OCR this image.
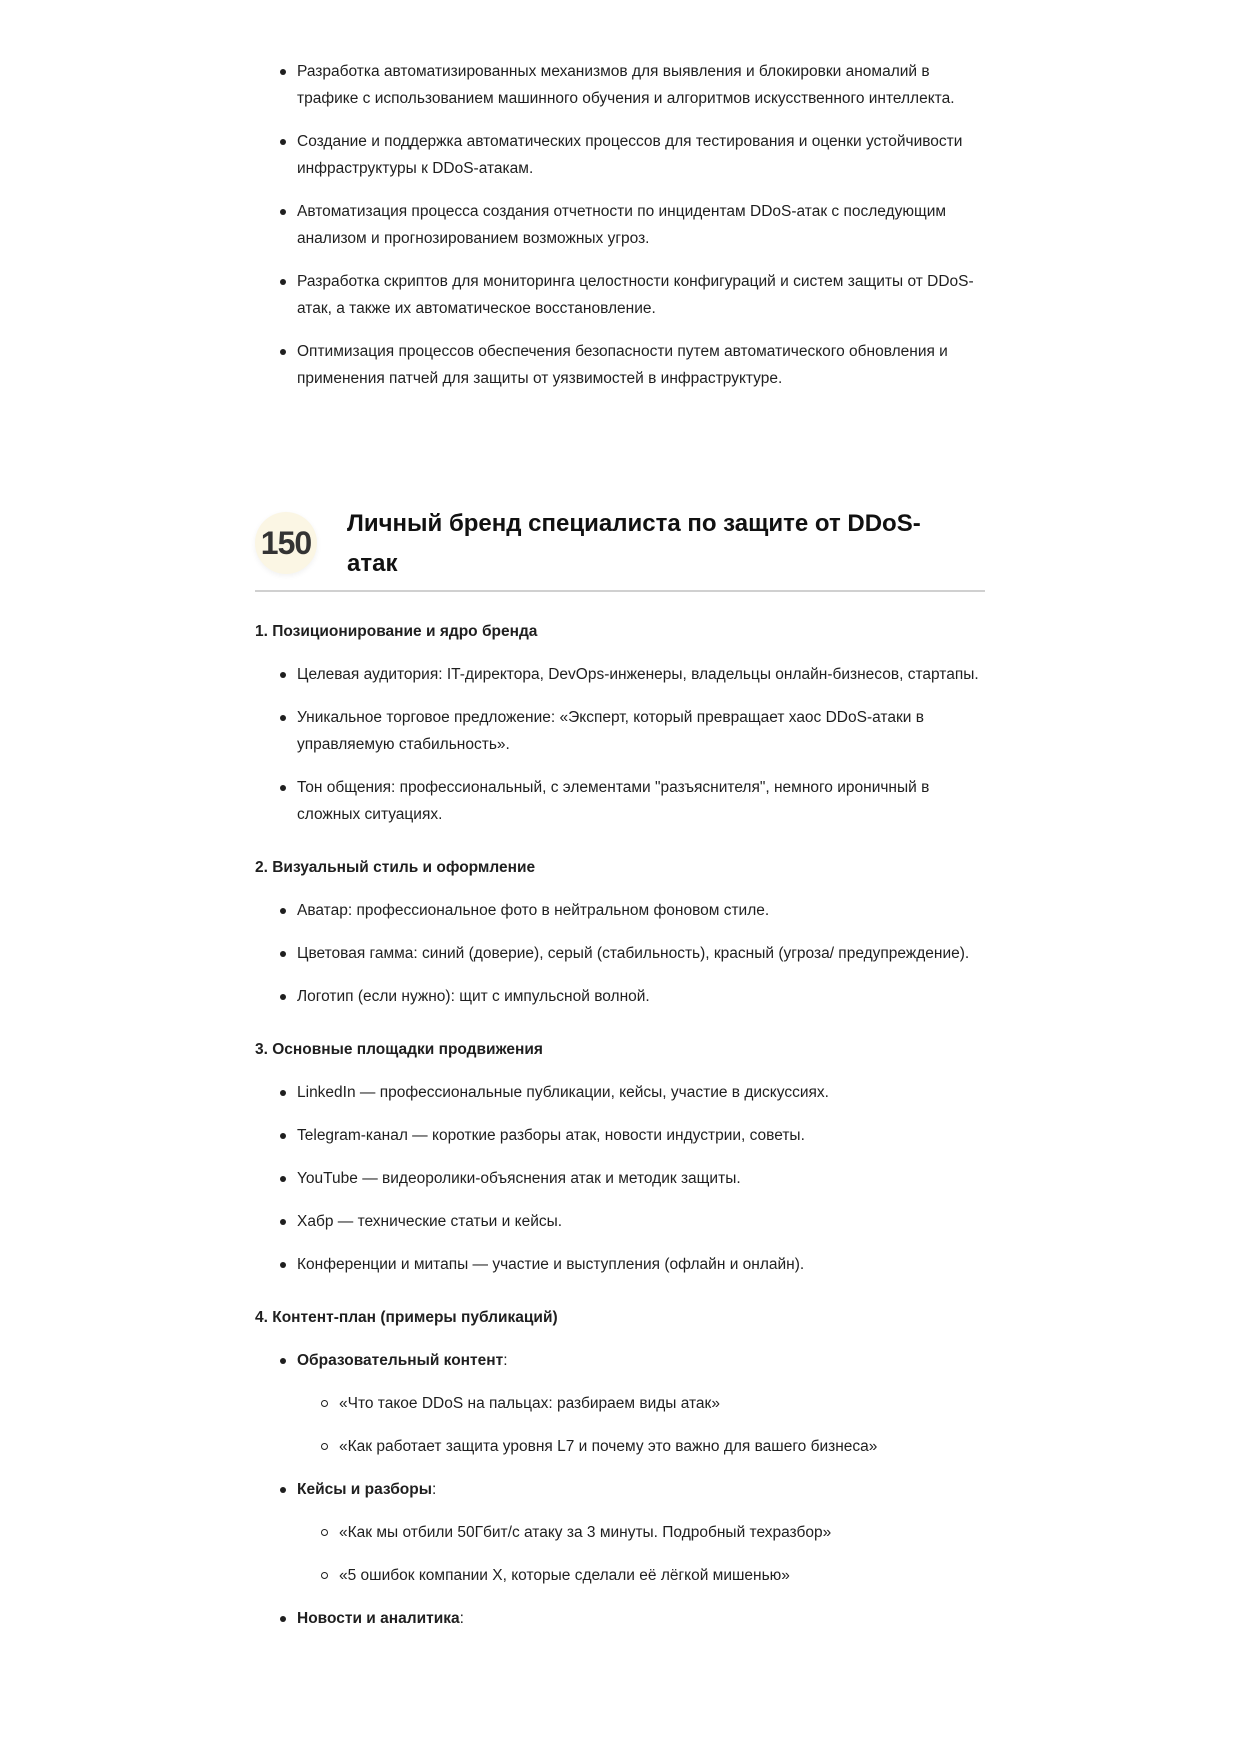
Разработка автоматизированных механизмов для выявления и блокировки аномалий в трафике с использованием машинного обучения и алгоритмов искусственного интеллекта.
Создание и поддержка автоматических процессов для тестирования и оценки устойчивости инфраструктуры к DDoS-атакам.
Автоматизация процесса создания отчетности по инцидентам DDoS-атак с последующим анализом и прогнозированием возможных угроз.
Разработка скриптов для мониторинга целостности конфигураций и систем защиты от DDoS-атак, а также их автоматическое восстановление.
Оптимизация процессов обеспечения безопасности путем автоматического обновления и применения патчей для защиты от уязвимостей в инфраструктуре.
150
Личный бренд специалиста по защите от DDoS-атак
1. Позиционирование и ядро бренда
Целевая аудитория: IT-директора, DevOps-инженеры, владельцы онлайн-бизнесов, стартапы.
Уникальное торговое предложение: «Эксперт, который превращает хаос DDoS-атаки в управляемую стабильность».
Тон общения: профессиональный, с элементами "разъяснителя", немного ироничный в сложных ситуациях.
2. Визуальный стиль и оформление
Аватар: профессиональное фото в нейтральном фоновом стиле.
Цветовая гамма: синий (доверие), серый (стабильность), красный (угроза/ предупреждение).
Логотип (если нужно): щит с импульсной волной.
3. Основные площадки продвижения
LinkedIn — профессиональные публикации, кейсы, участие в дискуссиях.
Telegram-канал — короткие разборы атак, новости индустрии, советы.
YouTube — видеоролики-объяснения атак и методик защиты.
Хабр — технические статьи и кейсы.
Конференции и митапы — участие и выступления (офлайн и онлайн).
4. Контент-план (примеры публикаций)
Образовательный контент:
«Что такое DDoS на пальцах: разбираем виды атак»
«Как работает защита уровня L7 и почему это важно для вашего бизнеса»
Кейсы и разборы:
«Как мы отбили 50Гбит/с атаку за 3 минуты. Подробный техразбор»
«5 ошибок компании X, которые сделали её лёгкой мишенью»
Новости и аналитика:
